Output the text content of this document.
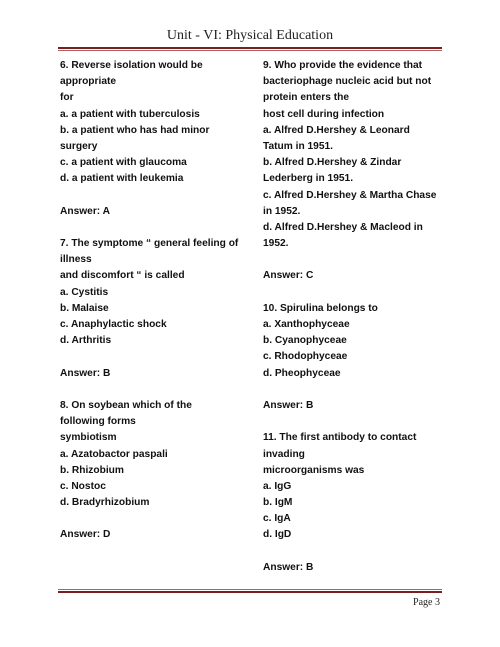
Unit - VI: Physical Education
6. Reverse isolation would be
appropriate
for
a. a patient with tuberculosis
b. a patient who has had minor
surgery
c. a patient with glaucoma
d. a patient with leukemia
Answer: A
7. The symptome “ general feeling of
illness
and discomfort “ is called
a. Cystitis
b. Malaise
c. Anaphylactic shock
d. Arthritis
Answer: B
8. On soybean which of the
following forms
symbiotism
a. Azatobactor paspali
b. Rhizobium
c. Nostoc
d. Bradyrhizobium
Answer: D
9. Who provide the evidence that
bacteriophage nucleic acid but not
protein enters the
host cell during infection
a. Alfred D.Hershey & Leonard
Tatum in 1951.
b. Alfred D.Hershey & Zindar
Lederberg in 1951.
c. Alfred D.Hershey & Martha Chase
in 1952.
d. Alfred D.Hershey & Macleod in
1952.
Answer: C
10. Spirulina belongs to
a. Xanthophyceae
b. Cyanophyceae
c. Rhodophyceae
d. Pheophyceae
Answer: B
11. The first antibody to contact
invading
microorganisms was
a. IgG
b. IgM
c. IgA
d. IgD
Answer: B
Page 3
